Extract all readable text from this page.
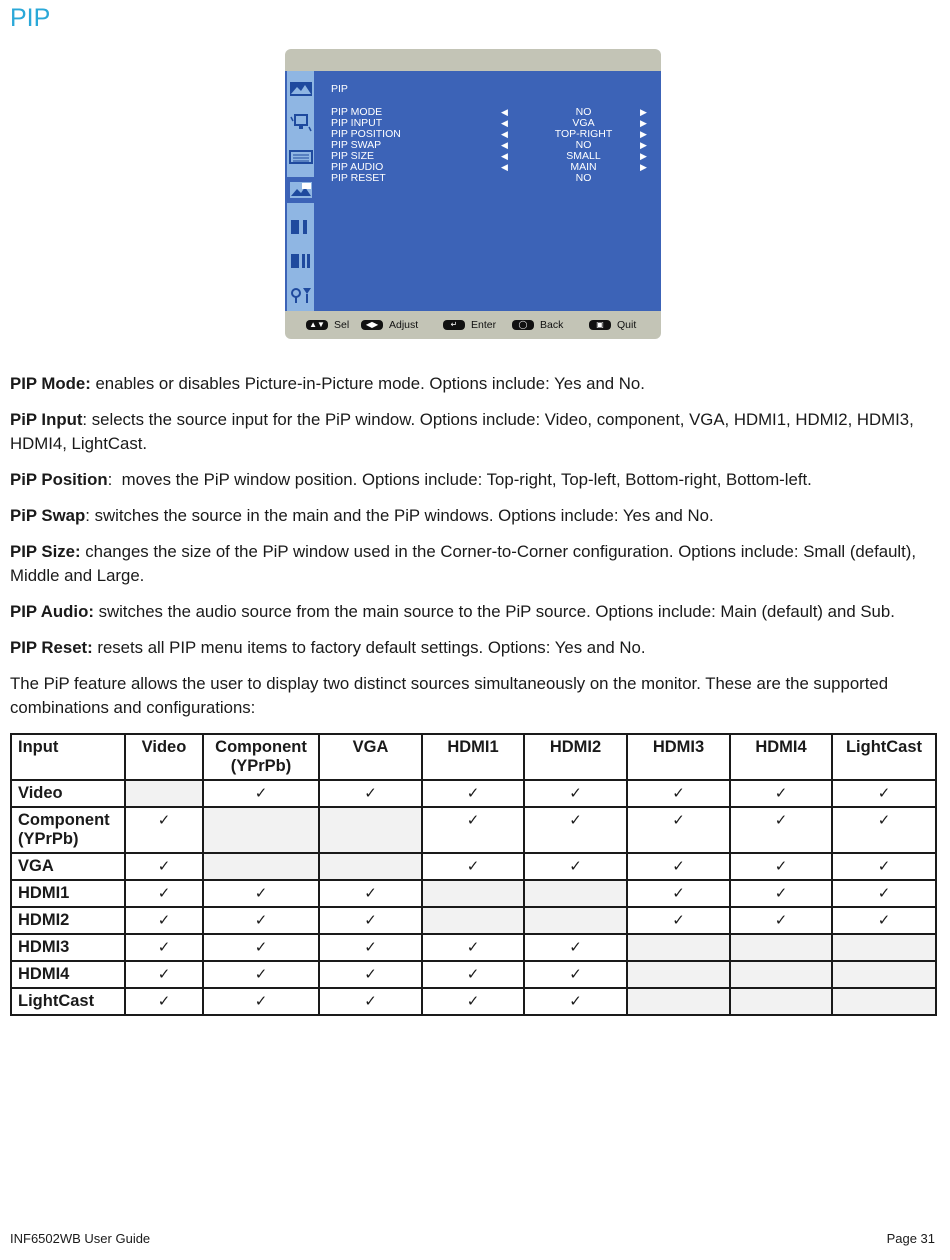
PIP
PIP
PIP MODE	◀	NO	▶
PIP INPUT	◀	VGA	▶
PIP POSITION	◀	TOP-RIGHT	▶
PIP SWAP	◀	NO	▶
PIP SIZE	◀	SMALL	▶
PIP AUDIO	◀	MAIN	▶
PIP RESET	NO
▲▼ Sel	◀▶	Adjust	↵	Enter	◯	Back	▣	Quit

PIP Mode: enables or disables Picture-in-Picture mode. Options include: Yes and No.

PiP Input: selects the source input for the PiP window. Options include: Video, component, VGA, HDMI1, HDMI2, HDMI3, HDMI4, LightCast.

PiP Position:  moves the PiP window position. Options include: Top-right, Top-left, Bottom-right, Bottom-left.

PiP Swap: switches the source in the main and the PiP windows. Options include: Yes and No.

PIP Size: changes the size of the PiP window used in the Corner-to-Corner configuration. Options include: Small (default), Middle and Large.

PIP Audio: switches the audio source from the main source to the PiP source. Options include: Main (default) and Sub.

PIP Reset: resets all PIP menu items to factory default settings. Options: Yes and No.

The PiP feature allows the user to display two distinct sources simultaneously on the monitor. These are the supported combinations and configurations:

Input	Video	Component (YPrPb)	VGA	HDMI1	HDMI2	HDMI3	HDMI4	LightCast
Video		✓	✓	✓	✓	✓	✓	✓
Component (YPrPb)	✓			✓	✓	✓	✓	✓
VGA	✓			✓	✓	✓	✓	✓
HDMI1	✓	✓	✓			✓	✓	✓
HDMI2	✓	✓	✓			✓	✓	✓
HDMI3	✓	✓	✓	✓	✓			
HDMI4	✓	✓	✓	✓	✓			
LightCast	✓	✓	✓	✓	✓			
INF6502WB User Guide	Page 31
